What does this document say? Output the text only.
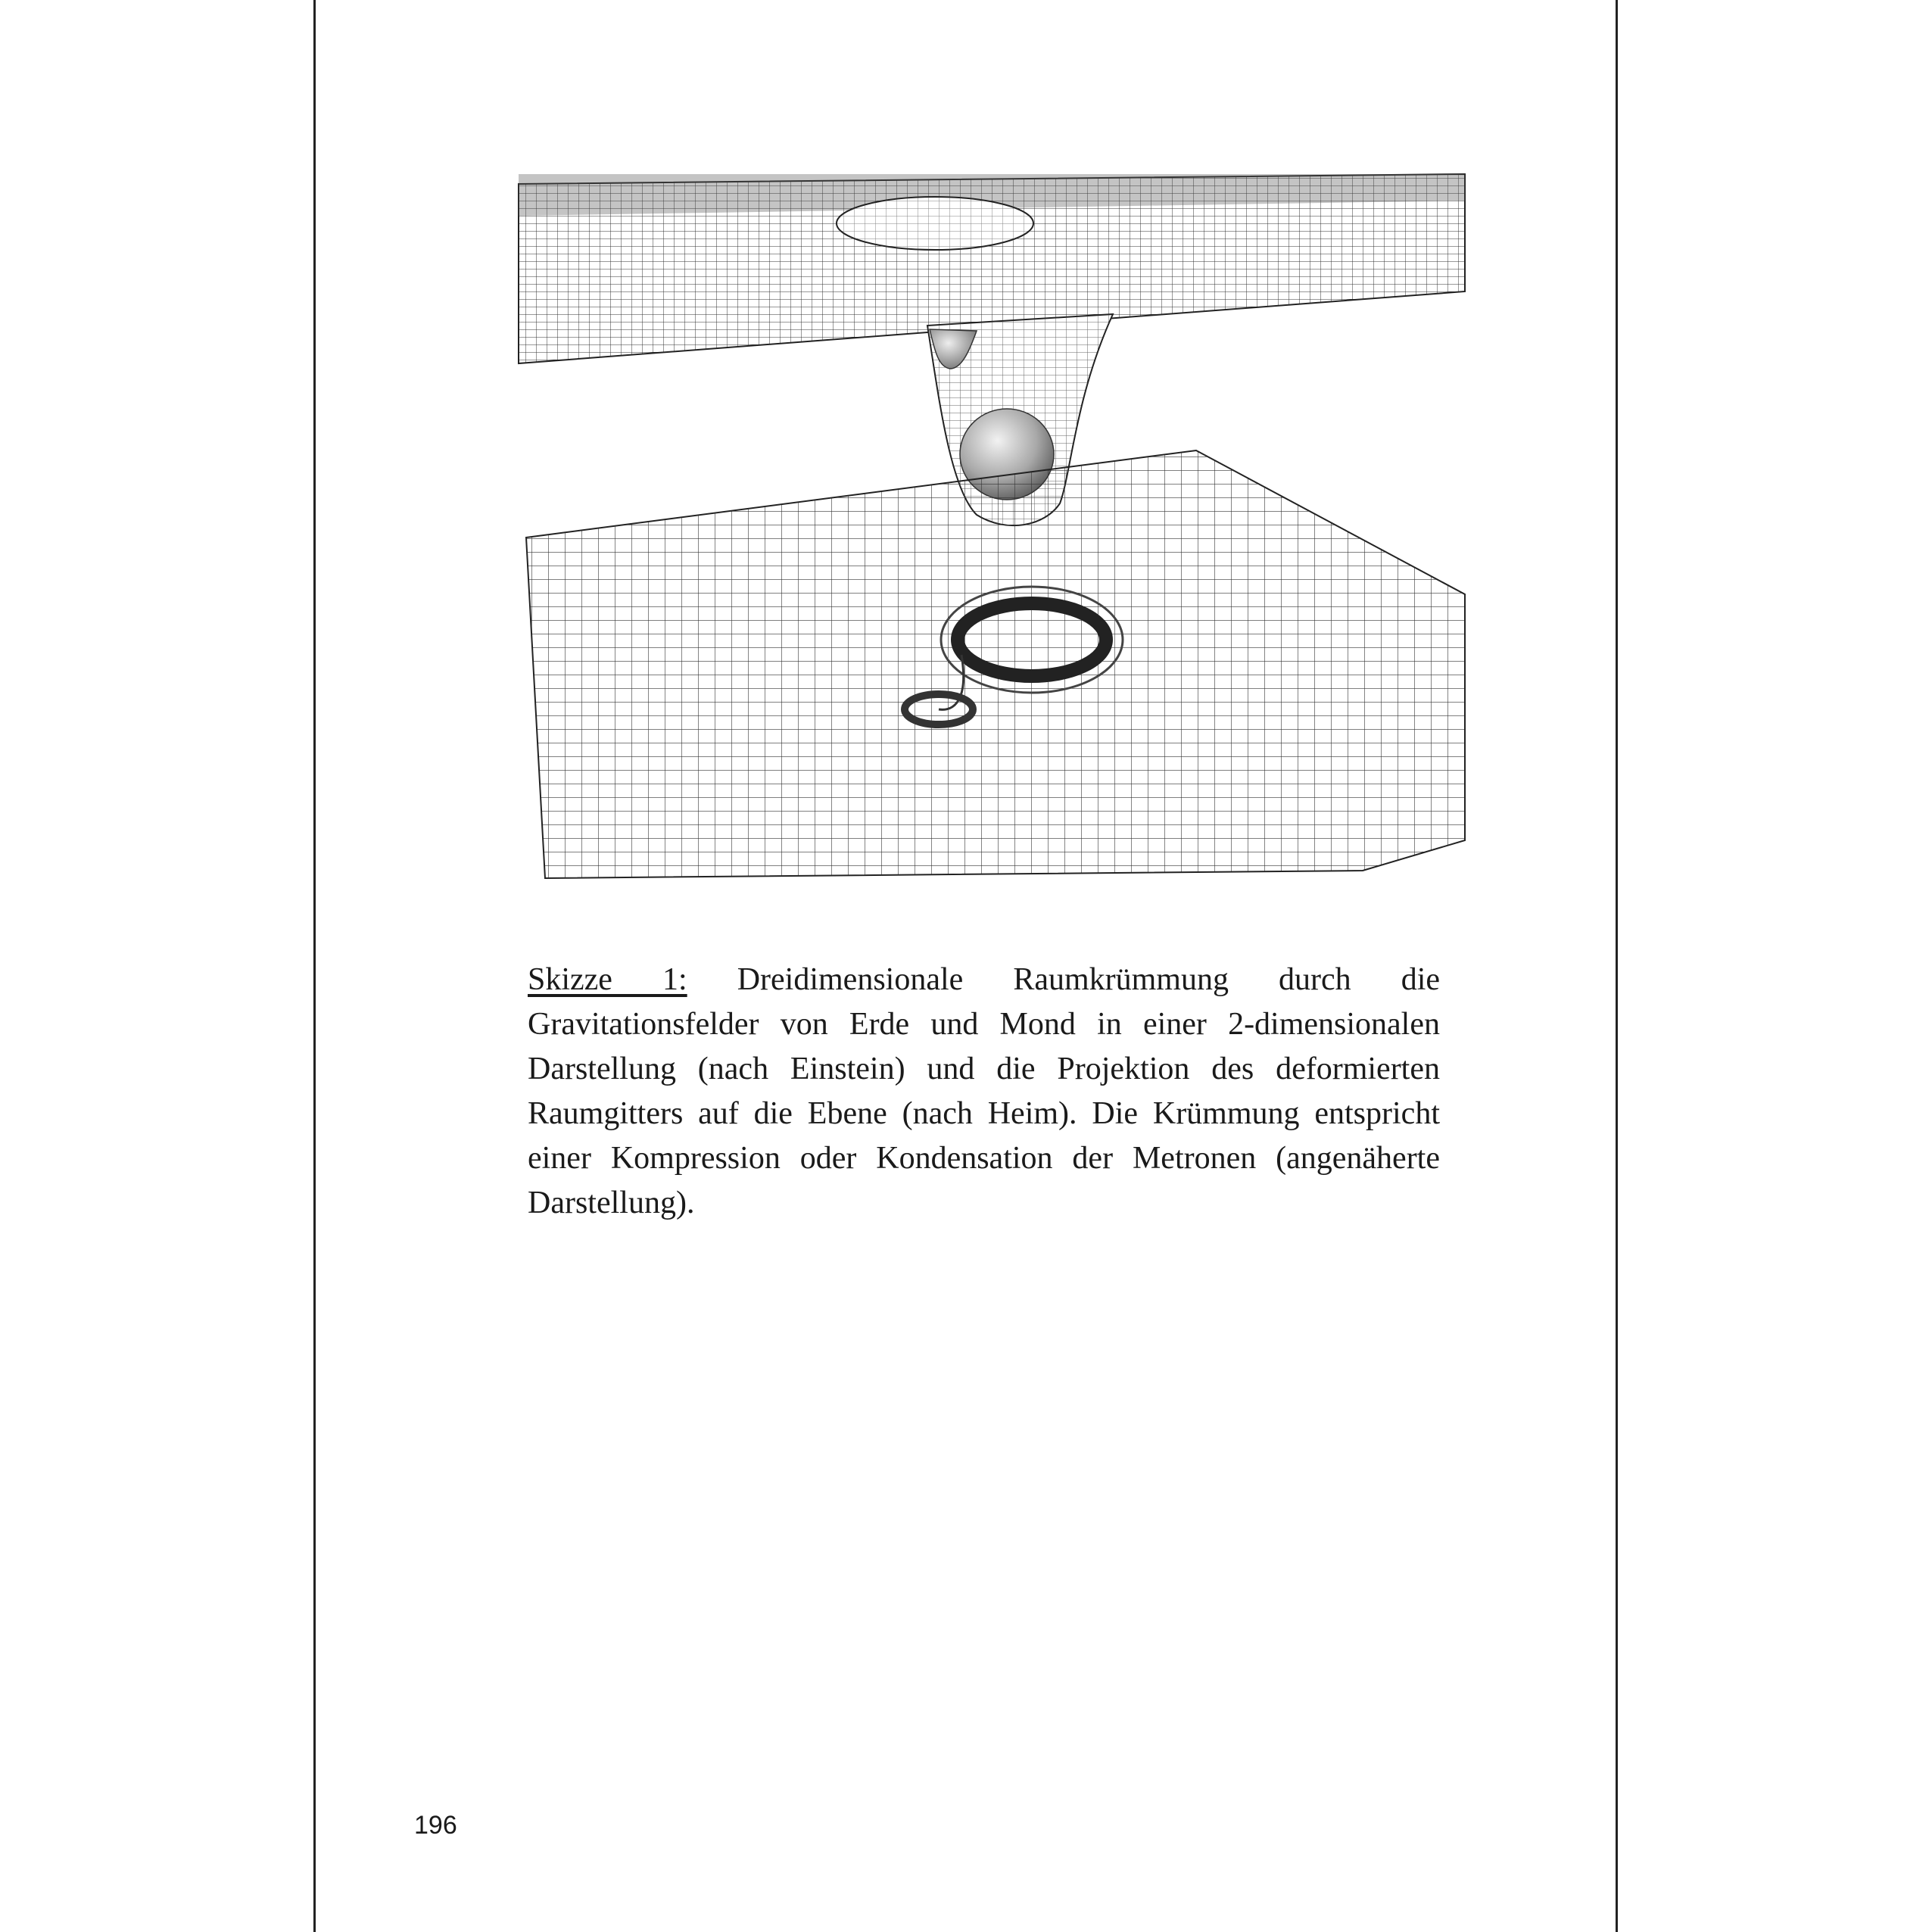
Skizze 1: Dreidimensionale Raumkrümmung durch die Gravitationsfelder von Erde und Mond in einer 2-dimensionalen Darstellung (nach Einstein) und die Projektion des deformierten Raumgitters auf die Ebene (nach Heim). Die Krümmung entspricht einer Kompression oder Kondensation der Metronen (angenäherte Darstellung).
196
